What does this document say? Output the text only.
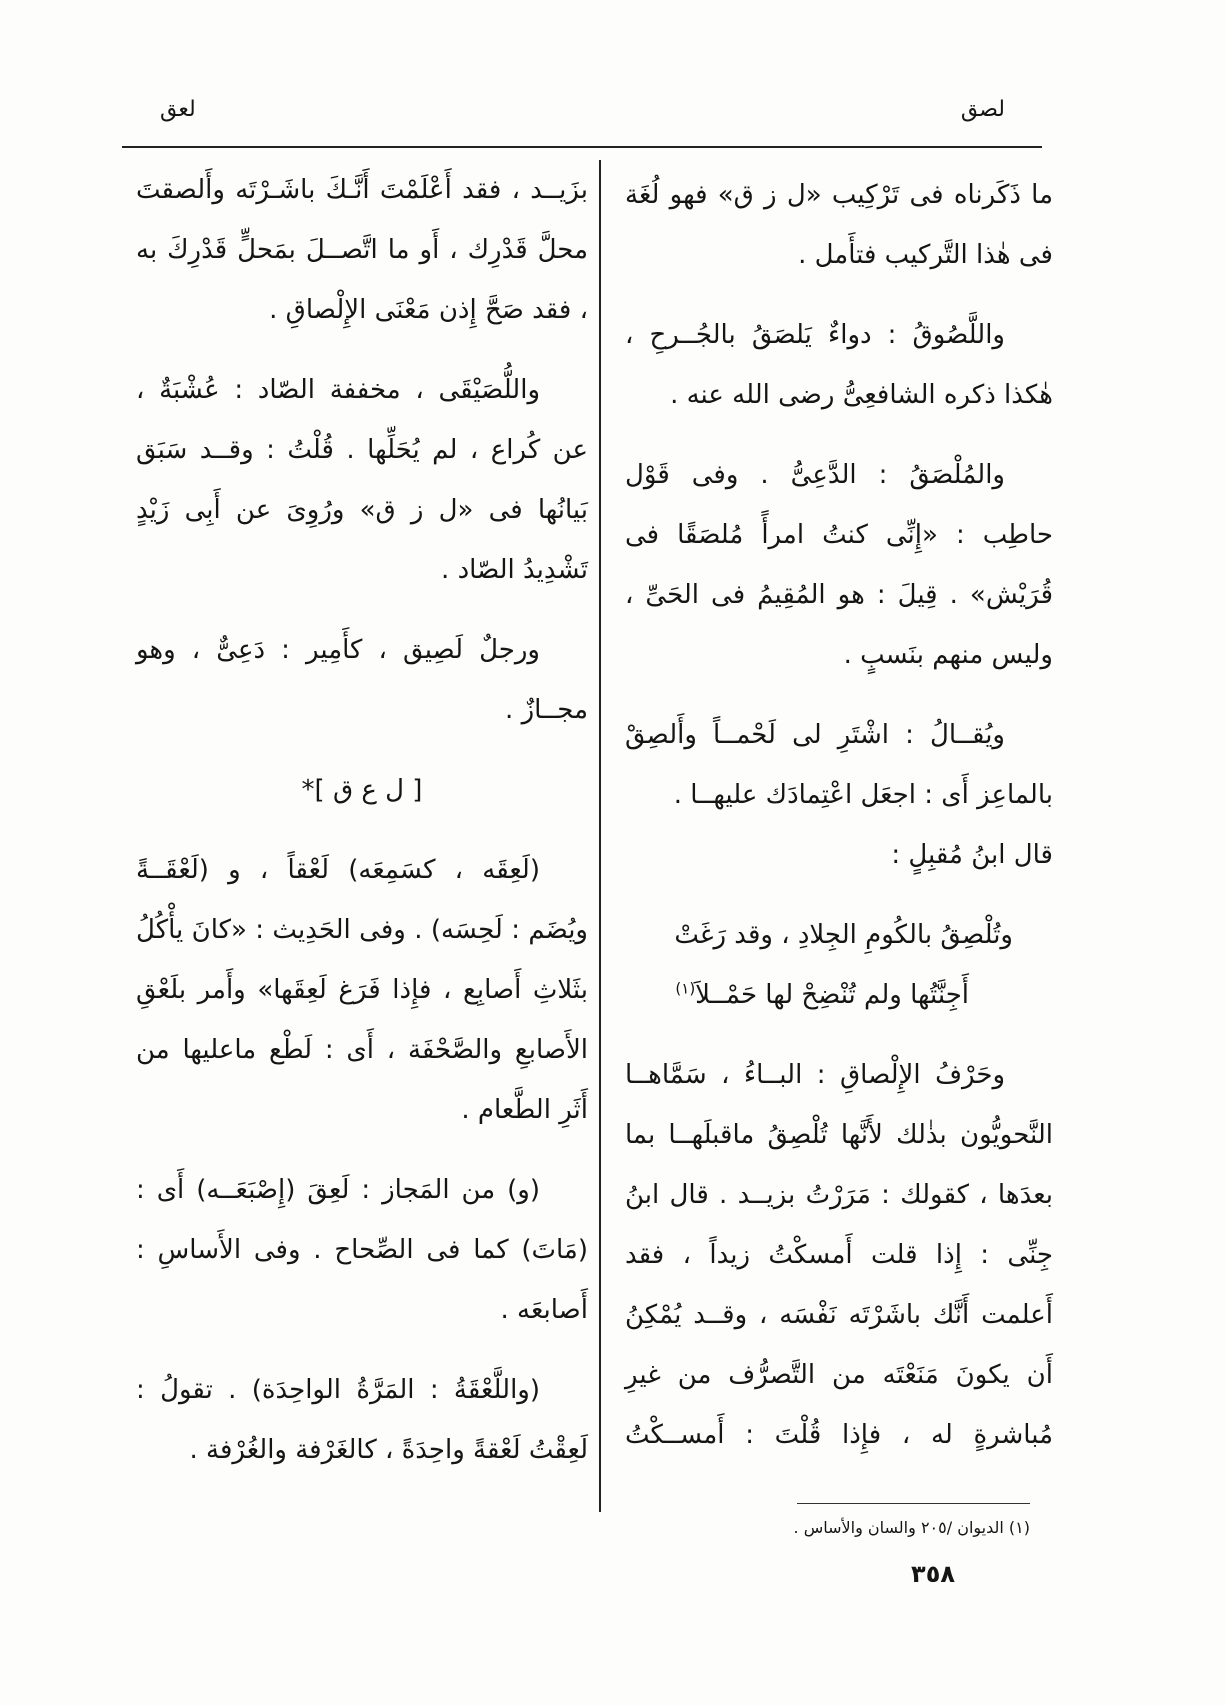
لصق
لعق

ما ذَكَرناه فى تَرْكِيب «ل ز ق» فهو لُغَة فى هٰذا التَّركيب فتأَمل .

واللَّصُوقُ : دواءٌ يَلصَقُ بالجُــرحِ ، هٰكذا ذكره الشافعِىُّ رضى الله عنه .

والمُلْصَقُ : الدَّعِىُّ . وفى قَوْل حاطِب : «إِنِّى كنتُ امرأً مُلصَقًا فى قُرَيْش» . قِيلَ : هو المُقِيمُ فى الحَىِّ ، وليس منهم بنَسبٍ .

ويُقــالُ : اشْتَرِ لى لَحْمــاً وأَلصِقْ بالماعِز أَى : اجعَل اعْتِمادَك عليهــا .

قال ابنُ مُقبِلٍ :

وتُلْصِقُ بالكُومِ الجِلادِ ، وقد رَغَتْ
أَجِنَّتُها ولم تُنْضِحْ لها حَمْــلاَ$^{(١)}$

وحَرْفُ الإِلْصاقِ : البــاءُ ، سَمَّاهــا النَّحويُّون بذٰلك لأَنَّها تُلْصِقُ ماقبلَهــا بما بعدَها ، كقولك : مَرَرْتُ بزيــد . قال ابنُ جِنِّى : إِذا قلت أَمسكْتُ زيداً ، فقد أَعلمت أَنَّك باشَرْتَه نَفْسَه ، وقــد يُمْكِنُ أَن يكونَ مَنَعْتَه من التَّصرُّف من غيرِ مُباشرةٍ له ، فإِذا قُلْتَ : أَمســكْتُ

(١) الديوان /٢٠٥ والسان والأساس .
٣٥٨

بزَيــد ، فقد أَعْلَمْتَ أَنَّـكَ باشَـرْتَه وأَلصقتَ محلَّ قَدْرِك ، أَو ما اتَّصــلَ بمَحلٍّ قَدْرِكَ به ، فقد صَحَّ إِذن مَعْنَى الإِلْصاقِ .

واللُّصَيْقَى ، مخففة الصّاد : عُشْبَةٌ ، عن كُراع ، لم يُحَلِّها . قُلْتُ : وقــد سَبَق بَيانُها فى «ل ز ق» ورُوِىَ عن أَبِى زَيْدٍ تَشْدِيدُ الصّاد .

ورجلٌ لَصِيق ، كأَمِير : دَعِىٌّ ، وهو مجــازٌ .

[ ل ع ق ]*

(لَعِقَه ، كسَمِعَه) لَعْقاً ، و (لَعْقَــةً ويُضَم : لَحِسَه) . وفى الحَدِيث : «كانَ يأْكُلُ بثَلاثِ أَصابِع ، فإِذا فَرَغ لَعِقَها» وأَمر بلَعْقِ الأَصابعِ والصَّحْفَة ، أَى : لَطْع ماعليها من أَثَرِ الطَّعام .

(و) من المَجاز : لَعِقَ (إِصْبَعَــه) أَى : (مَاتَ) كما فى الصِّحاح . وفى الأَساسِ : أَصابعَه .

(واللَّعْقَةُ : المَرَّةُ الواحِدَة) . تقولُ : لَعِقْتُ لَعْقةً واحِدَةً ، كالغَرْفة والغُرْفة .
